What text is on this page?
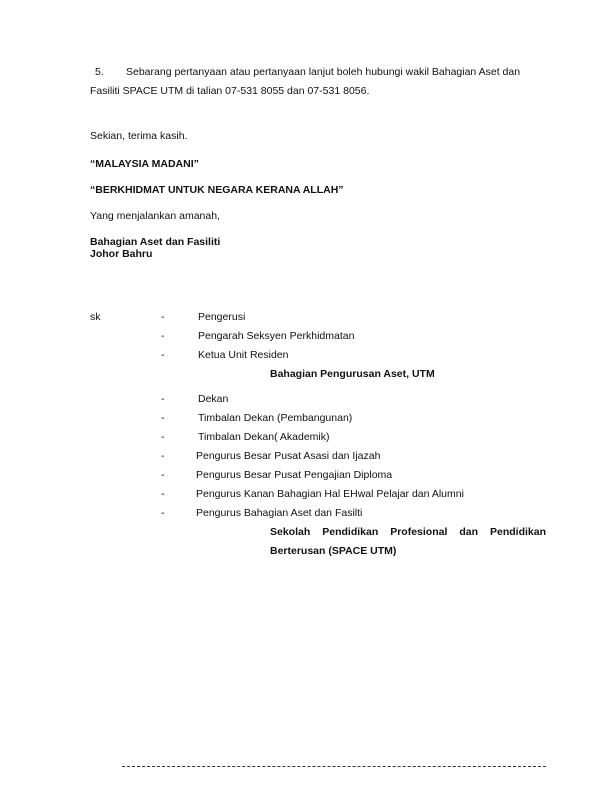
5. Sebarang pertanyaan atau pertanyaan lanjut boleh hubungi wakil Bahagian Aset dan
Fasiliti SPACE UTM di talian 07-531 8055 dan 07-531 8056.
Sekian, terima kasih.
“MALAYSIA MADANI”
“BERKHIDMAT UNTUK NEGARA KERANA ALLAH”
Yang menjalankan amanah,
Bahagian Aset dan Fasiliti
Johor Bahru
sk	-	Pengerusi
-	Pengarah Seksyen Perkhidmatan
-	Ketua Unit Residen
Bahagian Pengurusan Aset, UTM
-	Dekan
-	Timbalan Dekan (Pembangunan)
-	Timbalan Dekan( Akademik)
-	Pengurus Besar Pusat Asasi dan Ijazah
-	Pengurus Besar Pusat Pengajian Diploma
-	Pengurus Kanan Bahagian Hal EHwal Pelajar dan Alumni
-	Pengurus Bahagian Aset dan Fasilti
Sekolah Pendidikan Profesional dan Pendidikan
Berterusan (SPACE UTM)
